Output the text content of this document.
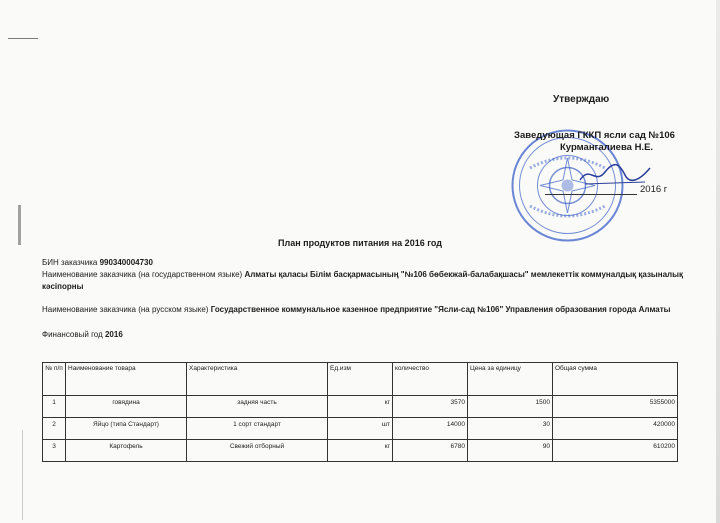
Утверждаю
Заведующая ГККП ясли сад №106
Курмангалиева Н.Е.
2016 г
План продуктов питания на 2016 год
БИН заказчика 990340004730
Наименование заказчика (на государственном языке) Алматы қаласы Білім басқармасының "№106 бөбекжай-балабақшасы" мемлекеттік коммуналдық қазыналық
кәсіпорны
Наименование заказчика (на русском языке) Государственное коммунальное казенное предприятие "Ясли-сад №106" Управления образования города Алматы
Финансовый год 2016
№ п/п	Наименование товара	Характеристика	Ед.изм	количество	Цена за единицу	Общая сумма
1	говядина	задняя часть	кг	3570	1500	5355000
2	Яйцо (типа Стандарт)	1 сорт стандарт	шт	14000	30	420000
3	Картофель	Свежий отборный	кг	6780	90	610200
